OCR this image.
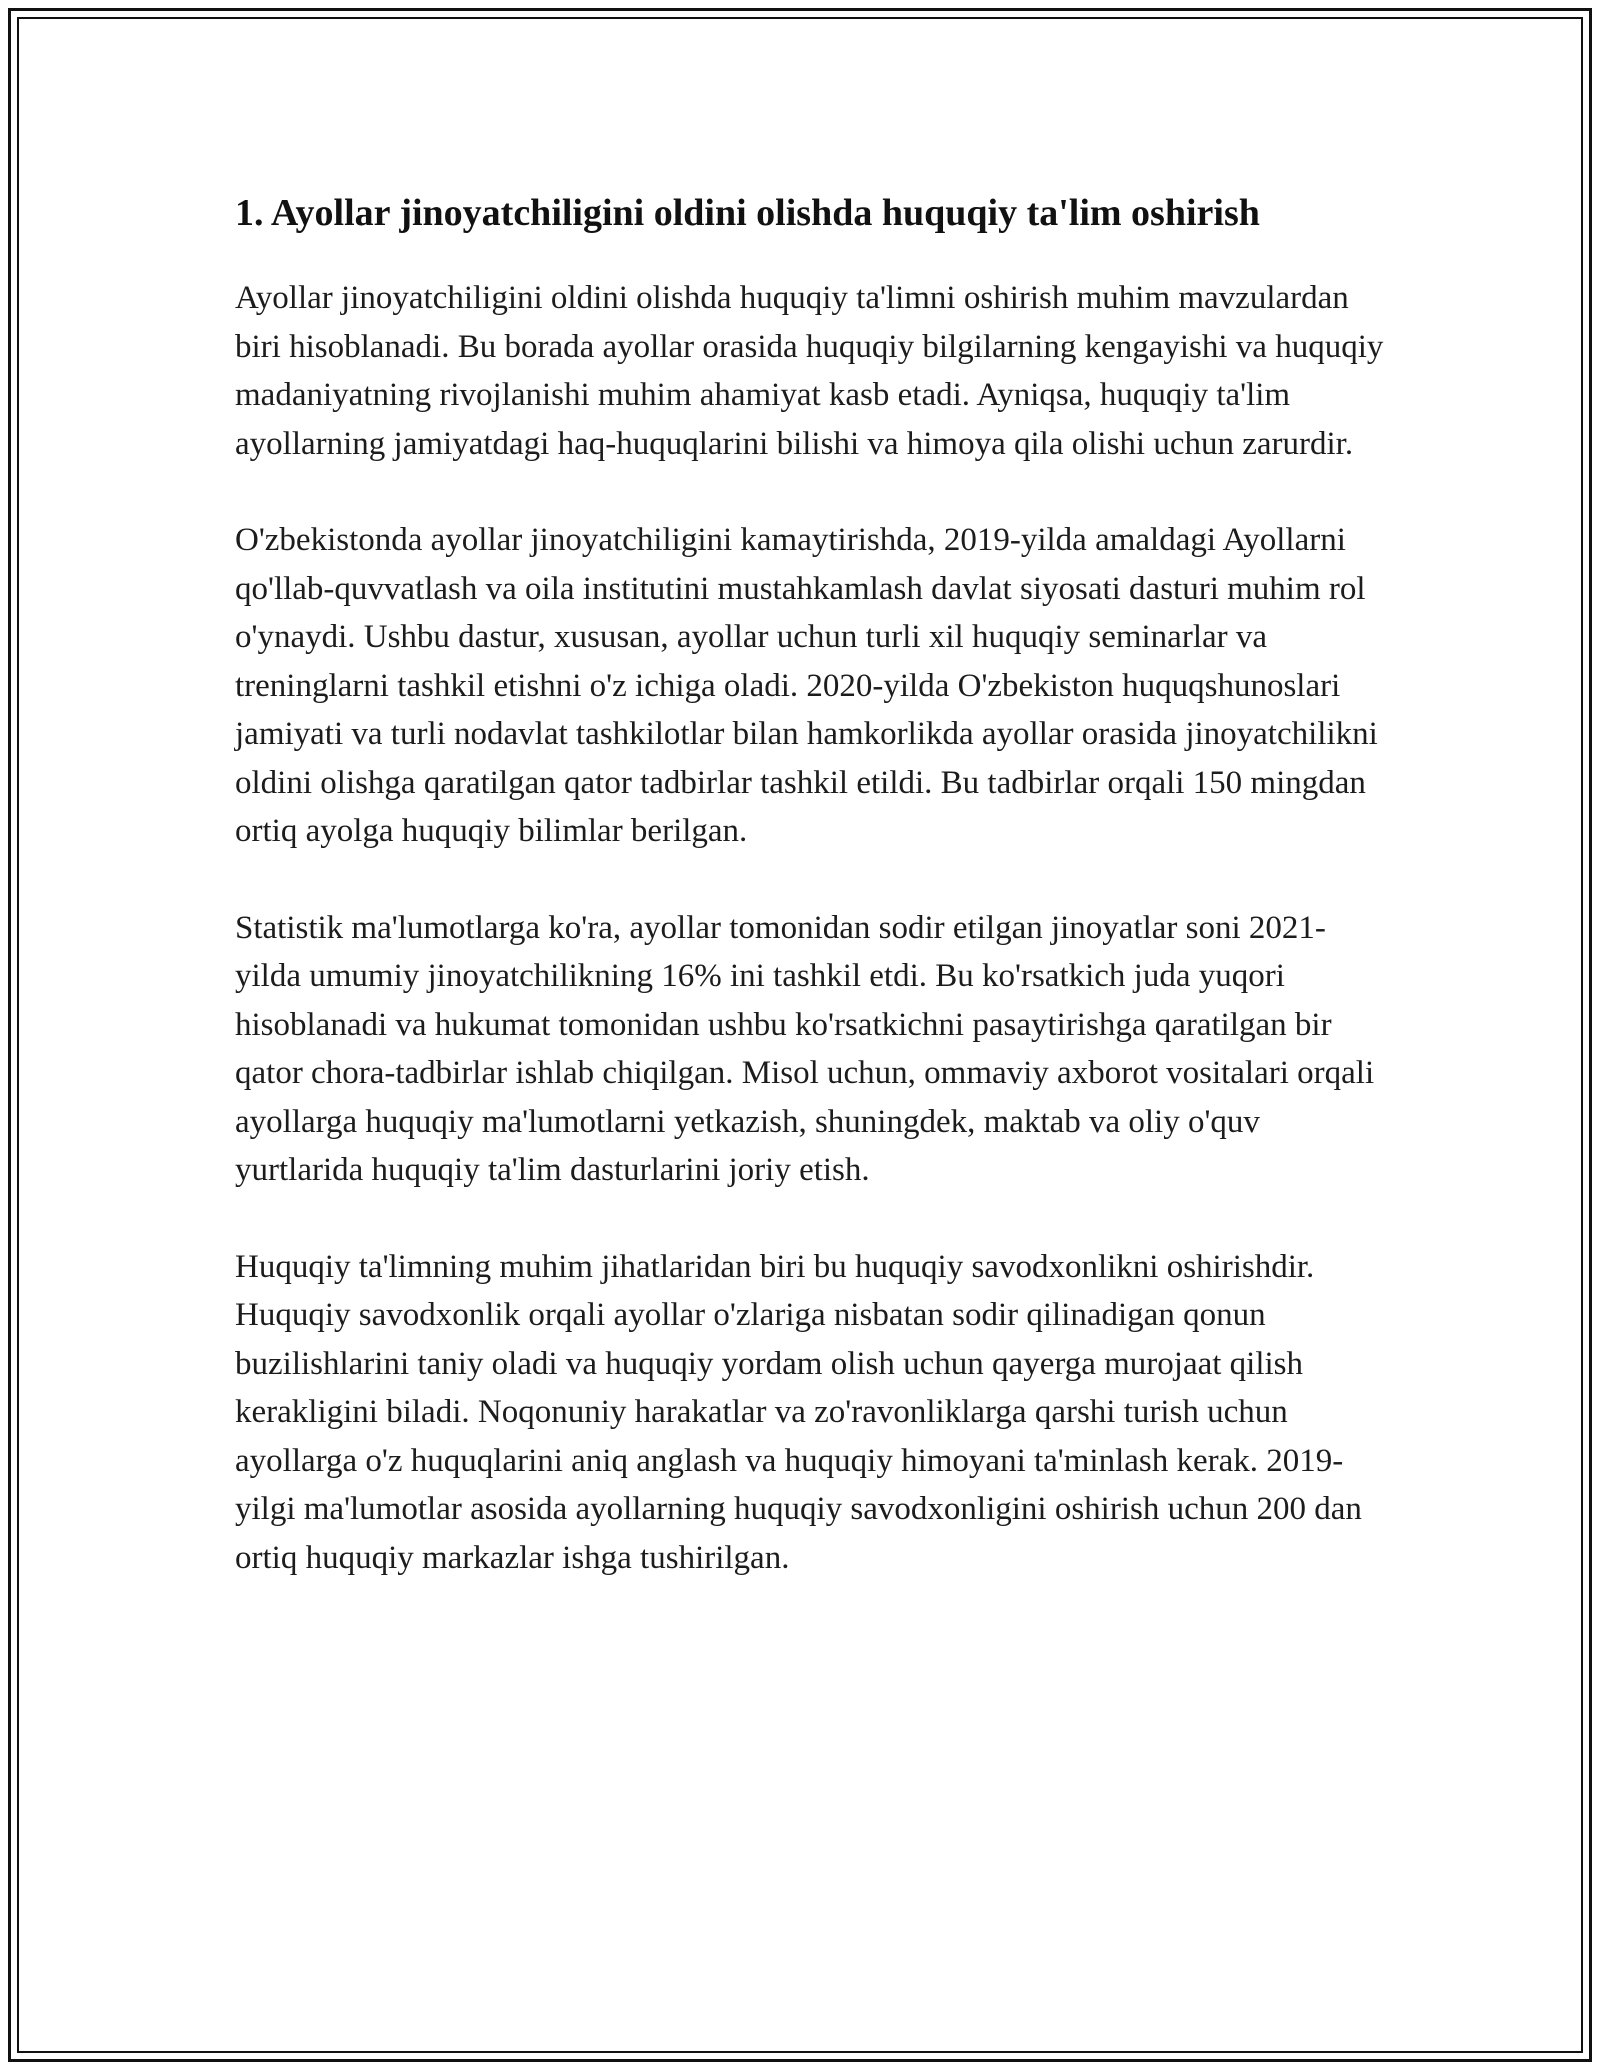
1. Ayollar jinoyatchiligini oldini olishda huquqiy ta'lim oshirish

Ayollar jinoyatchiligini oldini olishda huquqiy ta'limni oshirish muhim mavzulardan biri hisoblanadi. Bu borada ayollar orasida huquqiy bilgilarning kengayishi va huquqiy madaniyatning rivojlanishi muhim ahamiyat kasb etadi. Ayniqsa, huquqiy ta'lim ayollarning jamiyatdagi haq-huquqlarini bilishi va himoya qila olishi uchun zarurdir.

O'zbekistonda ayollar jinoyatchiligini kamaytirishda, 2019-yilda amaldagi Ayollarni qo'llab-quvvatlash va oila institutini mustahkamlash davlat siyosati dasturi muhim rol o'ynaydi. Ushbu dastur, xususan, ayollar uchun turli xil huquqiy seminarlar va treninglarni tashkil etishni o'z ichiga oladi. 2020-yilda O'zbekiston huquqshunoslari jamiyati va turli nodavlat tashkilotlar bilan hamkorlikda ayollar orasida jinoyatchilikni oldini olishga qaratilgan qator tadbirlar tashkil etildi. Bu tadbirlar orqali 150 mingdan ortiq ayolga huquqiy bilimlar berilgan.

Statistik ma'lumotlarga ko'ra, ayollar tomonidan sodir etilgan jinoyatlar soni 2021-yilda umumiy jinoyatchilikning 16% ini tashkil etdi. Bu ko'rsatkich juda yuqori hisoblanadi va hukumat tomonidan ushbu ko'rsatkichni pasaytirishga qaratilgan bir qator chora-tadbirlar ishlab chiqilgan. Misol uchun, ommaviy axborot vositalari orqali ayollarga huquqiy ma'lumotlarni yetkazish, shuningdek, maktab va oliy o'quv yurtlarida huquqiy ta'lim dasturlarini joriy etish.

Huquqiy ta'limning muhim jihatlaridan biri bu huquqiy savodxonlikni oshirishdir. Huquqiy savodxonlik orqali ayollar o'zlariga nisbatan sodir qilinadigan qonun buzilishlarini taniy oladi va huquqiy yordam olish uchun qayerga murojaat qilish kerakligini biladi. Noqonuniy harakatlar va zo'ravonliklarga qarshi turish uchun ayollarga o'z huquqlarini aniq anglash va huquqiy himoyani ta'minlash kerak. 2019-yilgi ma'lumotlar asosida ayollarning huquqiy savodxonligini oshirish uchun 200 dan ortiq huquqiy markazlar ishga tushirilgan.
